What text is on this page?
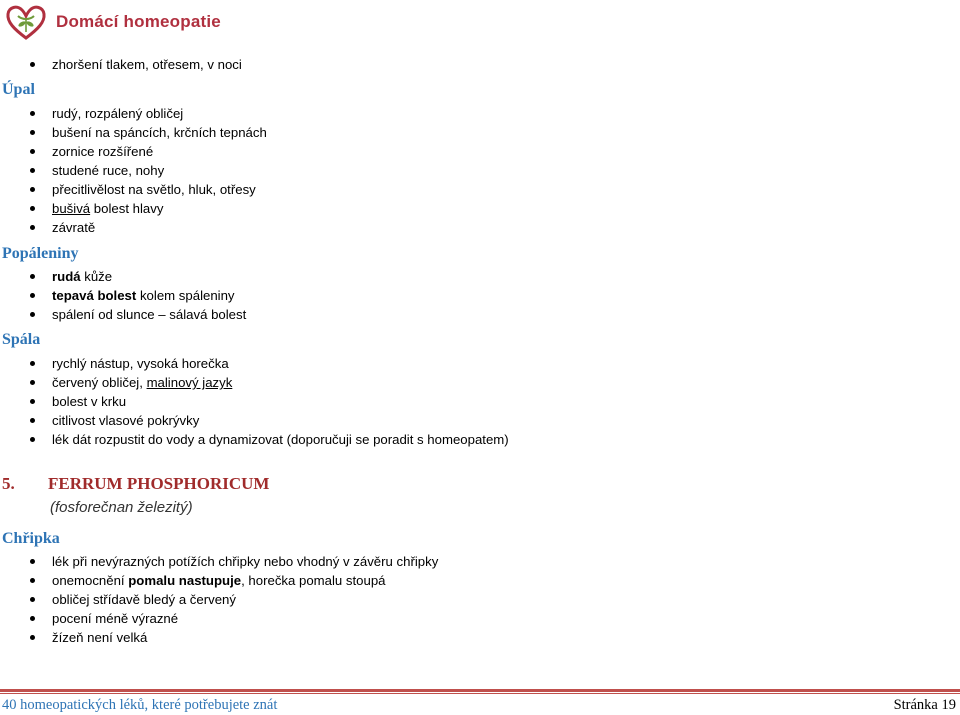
Domácí homeopatie
zhoršení tlakem, otřesem, v noci
Úpal
rudý, rozpálený obličej
bušení na spáncích, krčních tepnách
zornice rozšířené
studené ruce, nohy
přecitlivělost na světlo, hluk, otřesy
bušivá bolest hlavy
závratě
Popáleniny
rudá kůže
tepavá bolest kolem spáleniny
spálení od slunce – sálavá bolest
Spála
rychlý nástup, vysoká horečka
červený obličej, malinový jazyk
bolest v krku
citlivost vlasové pokrývky
lék dát rozpustit do vody a dynamizovat (doporučuji se poradit s homeopatem)
5. FERRUM PHOSPHORICUM
(fosforečnan železitý)
Chřipka
lék při nevýrazných potížích chřipky nebo vhodný v závěru chřipky
onemocnění pomalu nastupuje, horečka pomalu stoupá
obličej střídavě bledý a červený
pocení méně výrazné
žízeň není velká
40 homeopatických léků, které potřebujete znát	Stránka 19
